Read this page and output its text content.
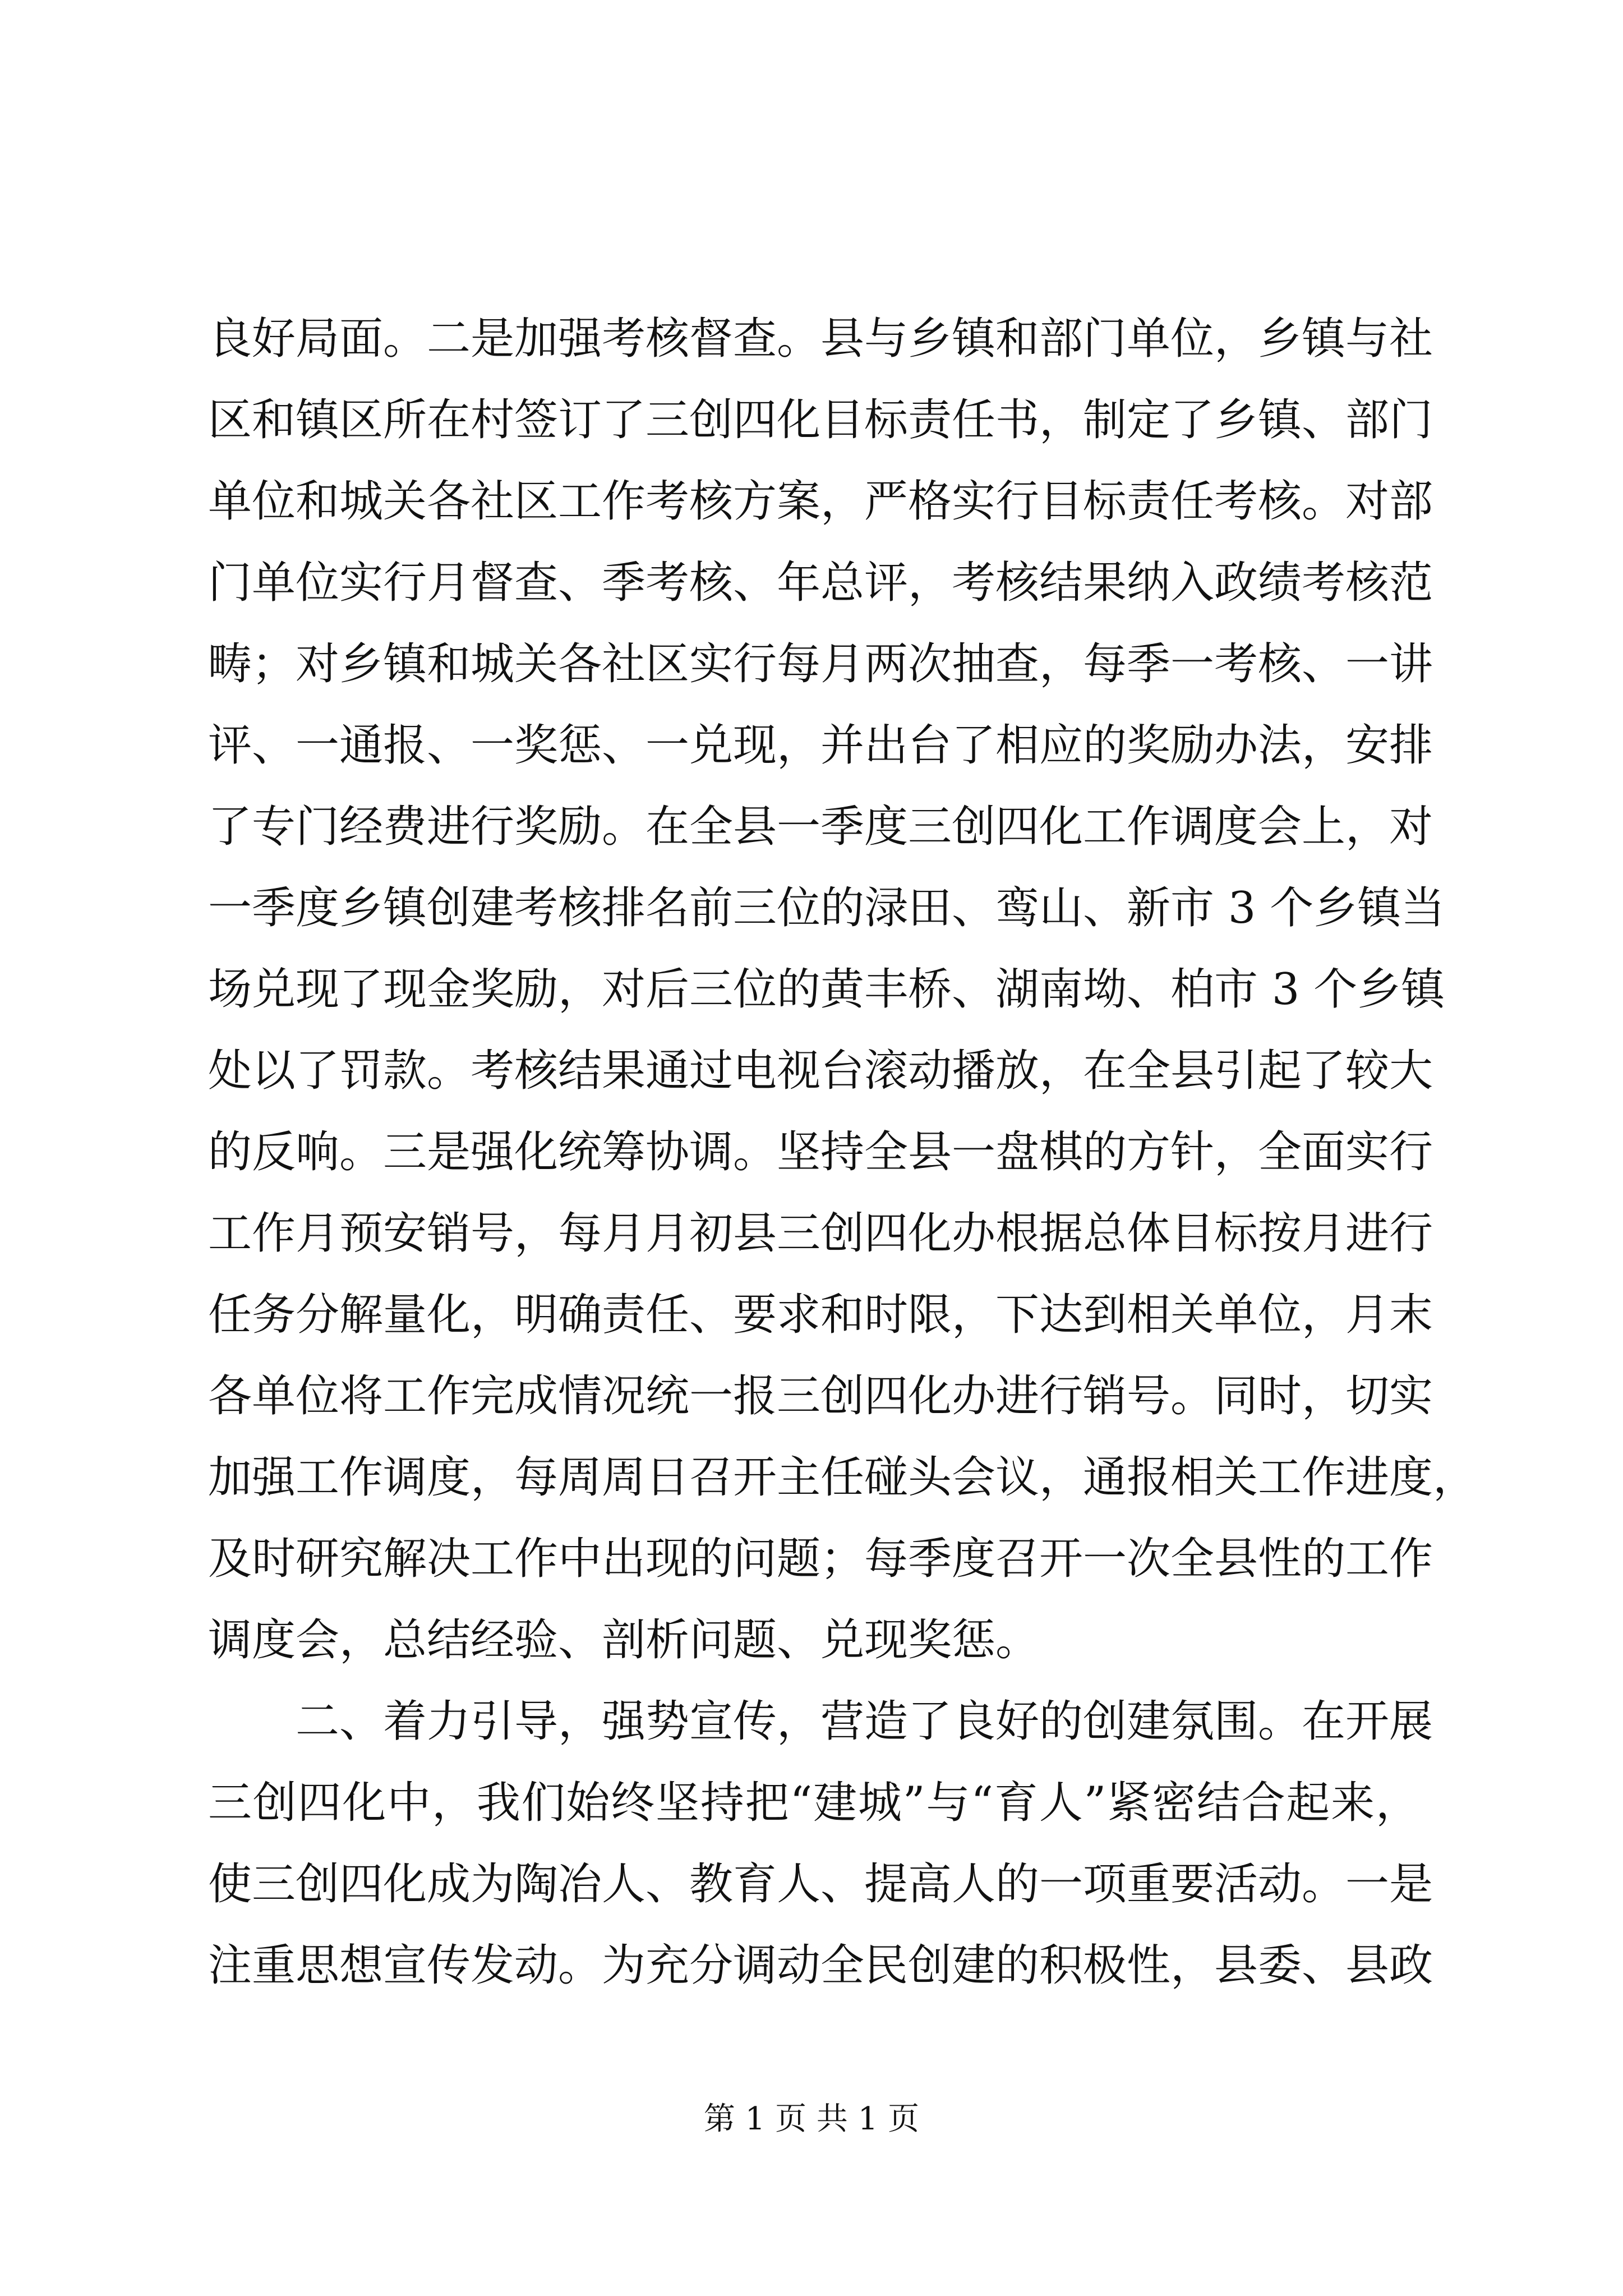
良好局面。二是加强考核督查。县与乡镇和部门单位，乡镇与社
区和镇区所在村签订了三创四化目标责任书，制定了乡镇、部门
单位和城关各社区工作考核方案，严格实行目标责任考核。对部
门单位实行月督查、季考核、年总评，考核结果纳入政绩考核范
畴；对乡镇和城关各社区实行每月两次抽查，每季一考核、一讲
评、一通报、一奖惩、一兑现，并出台了相应的奖励办法，安排
了专门经费进行奖励。在全县一季度三创四化工作调度会上，对
一季度乡镇创建考核排名前三位的渌田、鸾山、新市 3 个乡镇当
场兑现了现金奖励，对后三位的黄丰桥、湖南坳、柏市 3 个乡镇
处以了罚款。考核结果通过电视台滚动播放，在全县引起了较大
的反响。三是强化统筹协调。坚持全县一盘棋的方针，全面实行
工作月预安销号，每月月初县三创四化办根据总体目标按月进行
任务分解量化，明确责任、要求和时限，下达到相关单位，月末
各单位将工作完成情况统一报三创四化办进行销号。同时，切实
加强工作调度，每周周日召开主任碰头会议，通报相关工作进度，
及时研究解决工作中出现的问题；每季度召开一次全县性的工作
调度会，总结经验、剖析问题、兑现奖惩。
二、着力引导，强势宣传，营造了良好的创建氛围。在开展
三创四化中，我们始终坚持把“建城”与“育人”紧密结合起来，
使三创四化成为陶冶人、教育人、提高人的一项重要活动。一是
注重思想宣传发动。为充分调动全民创建的积极性，县委、县政
第 1 页 共 1 页
